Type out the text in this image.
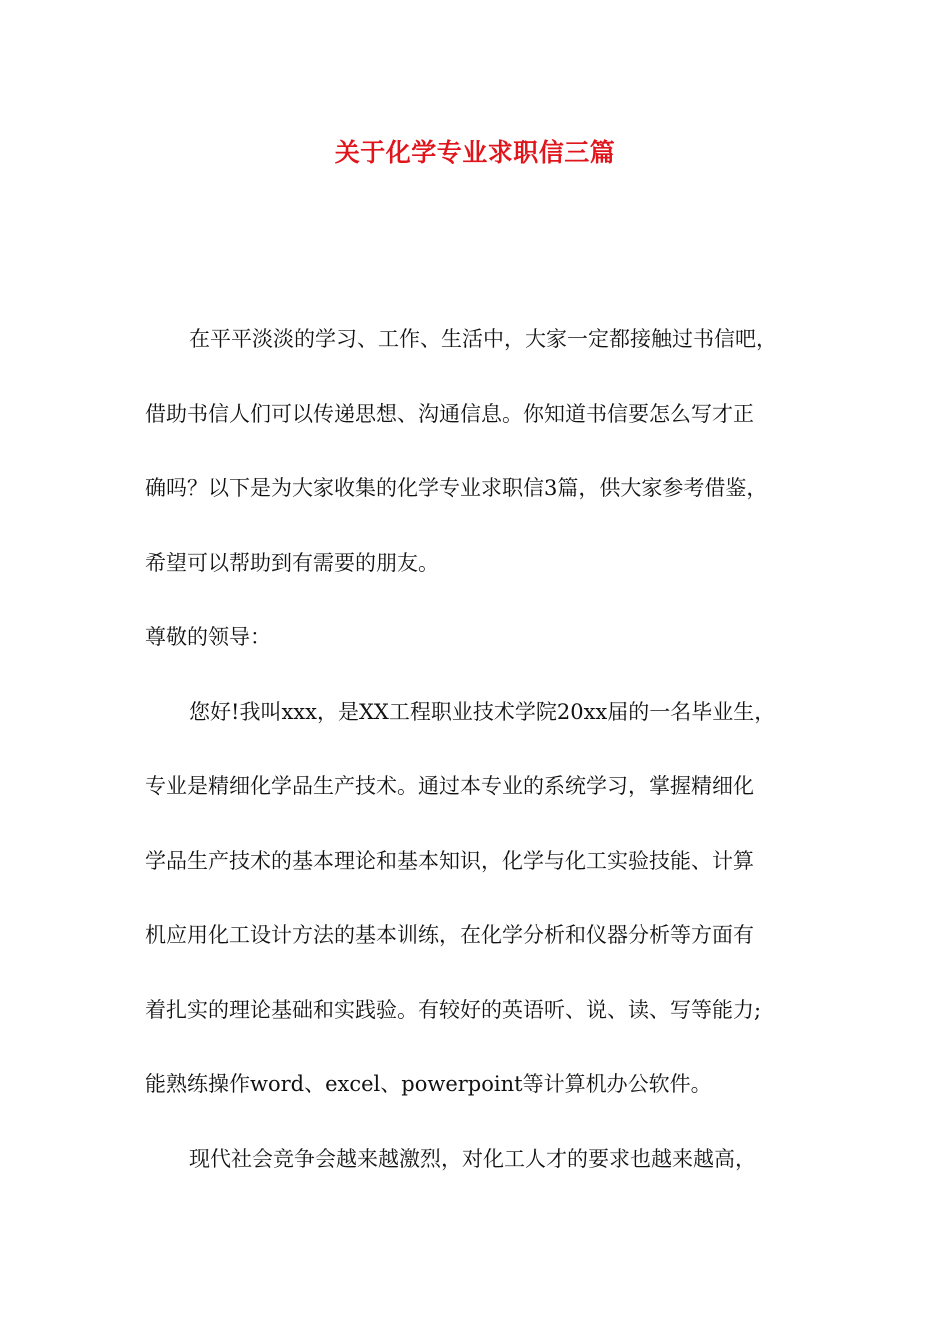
关于化学专业求职信三篇

在平平淡淡的学习、工作、生活中，大家一定都接触过书信吧，

借助书信人们可以传递思想、沟通信息。你知道书信要怎么写才正

确吗？以下是为大家收集的化学专业求职信3篇，供大家参考借鉴，

希望可以帮助到有需要的朋友。

尊敬的领导：

您好!我叫xxx，是XX工程职业技术学院20xx届的一名毕业生，

专业是精细化学品生产技术。通过本专业的系统学习，掌握精细化

学品生产技术的基本理论和基本知识，化学与化工实验技能、计算

机应用化工设计方法的基本训练，在化学分析和仪器分析等方面有

着扎实的理论基础和实践验。有较好的英语听、说、读、写等能力;

能熟练操作word、excel、powerpoint等计算机办公软件。

现代社会竞争会越来越激烈，对化工人才的要求也越来越高，
